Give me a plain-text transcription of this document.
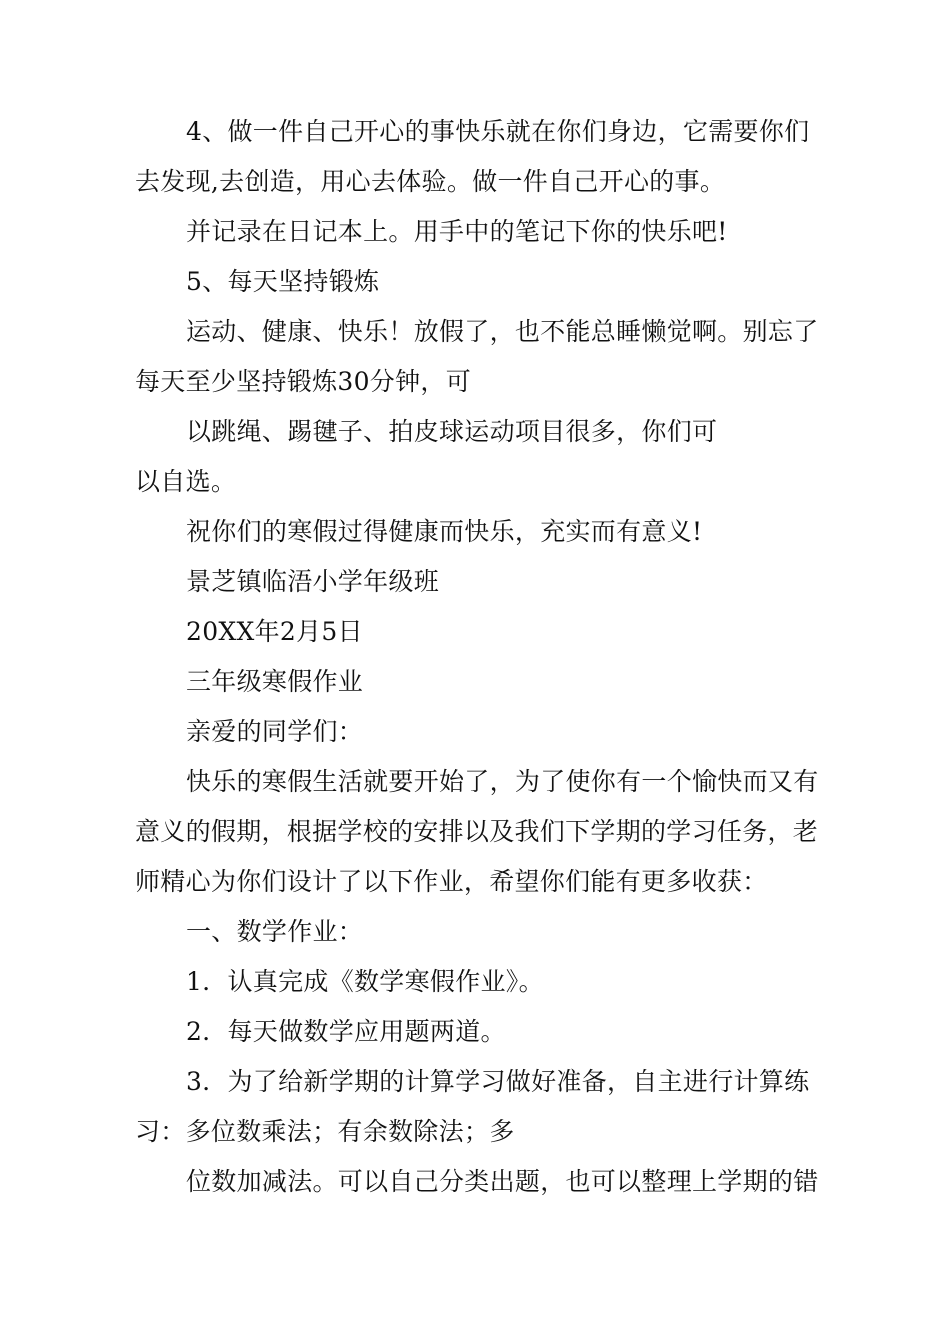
4、做一件自己开心的事快乐就在你们身边，它需要你们
去发现,去创造，用心去体验。做一件自己开心的事。
并记录在日记本上。用手中的笔记下你的快乐吧!
5、每天坚持锻炼
运动、健康、快乐！放假了，也不能总睡懒觉啊。别忘了
每天至少坚持锻炼30分钟，可
以跳绳、踢毽子、拍皮球运动项目很多，你们可
以自选。
祝你们的寒假过得健康而快乐，充实而有意义!
景芝镇临浯小学年级班
20XX年2月5日
三年级寒假作业
亲爱的同学们：
快乐的寒假生活就要开始了，为了使你有一个愉快而又有
意义的假期，根据学校的安排以及我们下学期的学习任务，老
师精心为你们设计了以下作业，希望你们能有更多收获：
一、数学作业：
1．认真完成《数学寒假作业》。
2．每天做数学应用题两道。
3．为了给新学期的计算学习做好准备，自主进行计算练
习：多位数乘法；有余数除法；多
位数加减法。可以自己分类出题，也可以整理上学期的错
